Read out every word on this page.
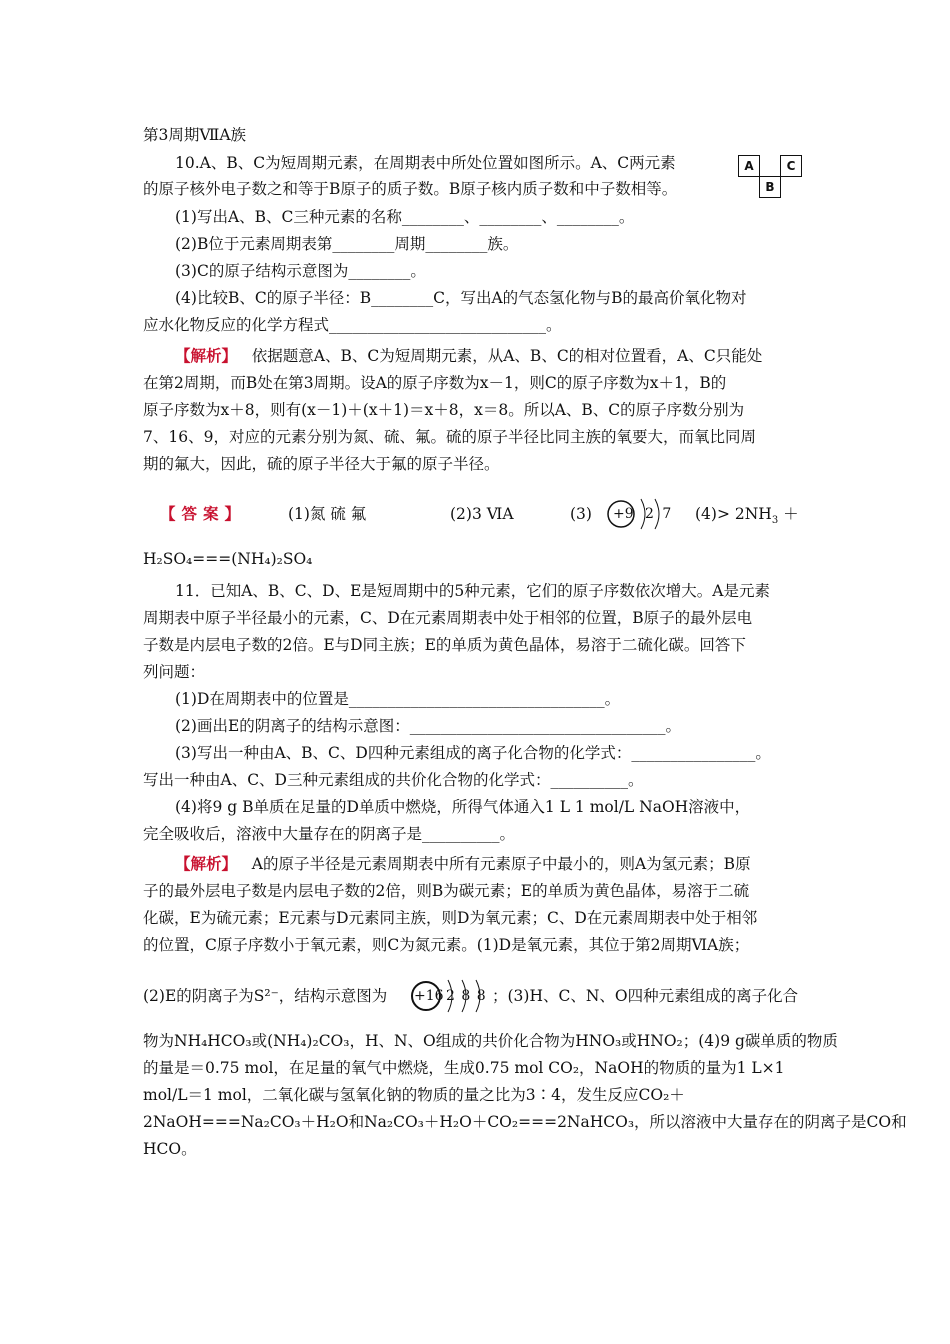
第3周期ⅦA族
10.A、B、C为短周期元素，在周期表中所处位置如图所示。A、C两元素
的原子核外电子数之和等于B原子的质子数。B原子核内质子数和中子数相等。
A	C
B
(1)写出A、B、C三种元素的名称________、________、________。
(2)B位于元素周期表第________周期________族。
(3)C的原子结构示意图为________。
(4)比较B、C的原子半径：B________C，写出A的气态氢化物与B的最高价氧化物对
应水化物反应的化学方程式____________________________。
【解析】 依据题意A、B、C为短周期元素，从A、B、C的相对位置看，A、C只能处
在第2周期，而B处在第3周期。设A的原子序数为x－1，则C的原子序数为x＋1，B的
原子序数为x＋8，则有(x－1)＋(x＋1)＝x＋8，x＝8。所以A、B、C的原子序数分别为
7、16、9，对应的元素分别为氮、硫、氟。硫的原子半径比同主族的氧要大，而氧比同周
期的氟大，因此，硫的原子半径大于氟的原子半径。
【答案】	(1)氮 硫 氟	(2)3 ⅥA	(3) +9 2 7 $(4)> 2NH_3$ ＋
H₂SO₄===(NH₄)₂SO₄
11．已知A、B、C、D、E是短周期中的5种元素，它们的原子序数依次增大。A是元素
周期表中原子半径最小的元素，C、D在元素周期表中处于相邻的位置，B原子的最外层电
子数是内层电子数的2倍。E与D同主族；E的单质为黄色晶体，易溶于二硫化碳。回答下
列问题：
(1)D在周期表中的位置是_________________________________。
(2)画出E的阴离子的结构示意图：_________________________________。
(3)写出一种由A、B、C、D四种元素组成的离子化合物的化学式：________________。
写出一种由A、C、D三种元素组成的共价化合物的化学式：__________。
(4)将9 g B单质在足量的D单质中燃烧，所得气体通入1 L 1 mol/L NaOH溶液中，
完全吸收后，溶液中大量存在的阴离子是__________。
【解析】 A的原子半径是元素周期表中所有元素原子中最小的，则A为氢元素；B原
子的最外层电子数是内层电子数的2倍，则B为碳元素；E的单质为黄色晶体，易溶于二硫
化碳，E为硫元素；E元素与D元素同主族，则D为氧元素；C、D在元素周期表中处于相邻
的位置，C原子序数小于氧元素，则C为氮元素。(1)D是氧元素，其位于第2周期ⅥA族；
(2)E的阴离子为S²⁻，结构示意图为 +16 2 8 8 ；(3)H、C、N、O四种元素组成的离子化合
物为NH₄HCO₃或(NH₄)₂CO₃，H、N、O组成的共价化合物为HNO₃或HNO₂；(4)9 g碳单质的物质
的量是＝0.75 mol，在足量的氧气中燃烧，生成0.75 mol CO₂，NaOH的物质的量为1 L×1
mol/L＝1 mol，二氧化碳与氢氧化钠的物质的量之比为3∶4，发生反应CO₂＋
2NaOH===Na₂CO₃＋H₂O和Na₂CO₃＋H₂O＋CO₂===2NaHCO₃，所以溶液中大量存在的阴离子是CO和
HCO。
